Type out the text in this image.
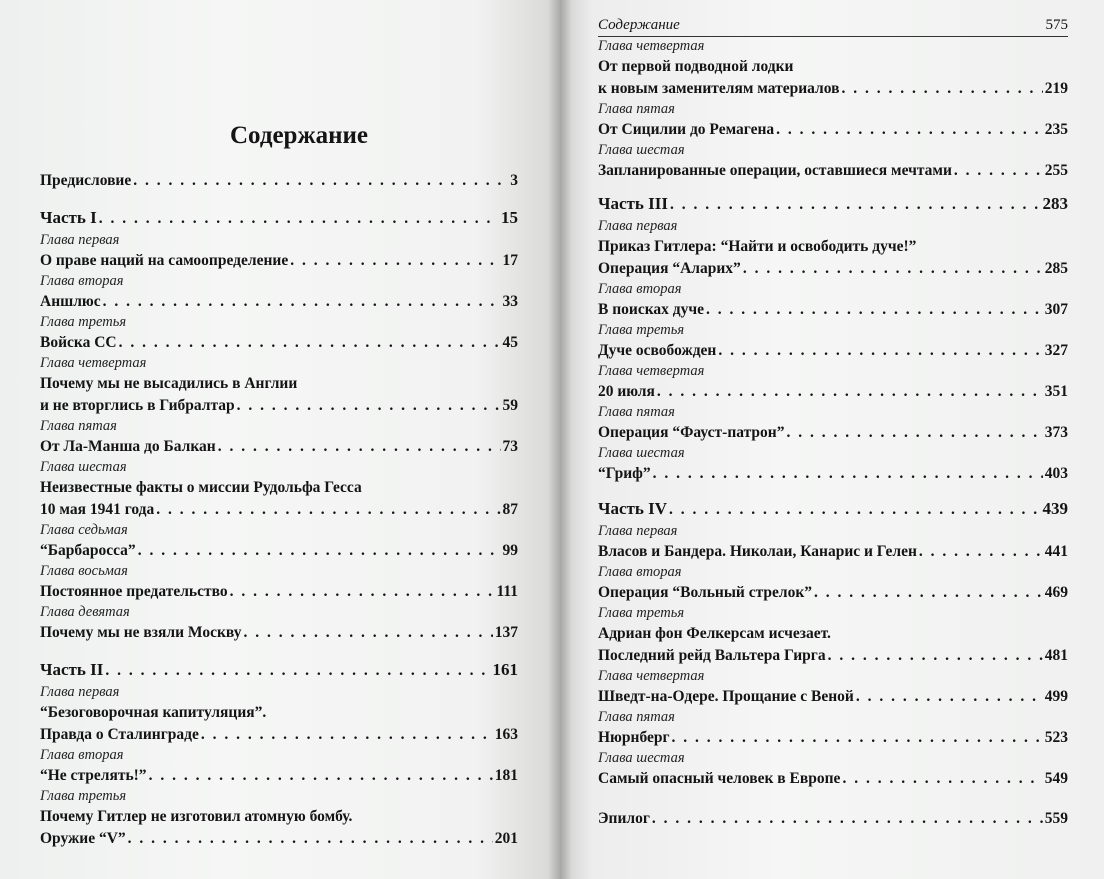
Содержание
Предисловие . . .	3
Часть I . . .	15
Глава первая
О праве наций на самоопределение . . .	17
Глава вторая
Аншлюс . . .	33
Глава третья
Войска СС . . .	45
Глава четвертая
Почему мы не высадились в Англии
и не вторглись в Гибралтар . . .	59
Глава пятая
От Ла-Манша до Балкан . . .	73
Глава шестая
Неизвестные факты о миссии Рудольфа Гесса
10 мая 1941 года . . .	87
Глава седьмая
“Барбаросса” . . .	99
Глава восьмая
Постоянное предательство . . .	111
Глава девятая
Почему мы не взяли Москву . . .	137
Часть II . . .	161
Глава первая
“Безоговорочная капитуляция”.
Правда о Сталинграде . . .	163
Глава вторая
“Не стрелять!” . . .	181
Глава третья
Почему Гитлер не изготовил атомную бомбу.
Оружие “V” . . .	201
Содержание	575
Глава четвертая
От первой подводной лодки
к новым заменителям материалов . . .	219
Глава пятая
От Сицилии до Ремагена . . .	235
Глава шестая
Запланированные операции, оставшиеся мечтами . . .	255
Часть III . . .	283
Глава первая
Приказ Гитлера: “Найти и освободить дуче!”
Операция “Аларих” . . .	285
Глава вторая
В поисках дуче . . .	307
Глава третья
Дуче освобожден . . .	327
Глава четвертая
20 июля . . .	351
Глава пятая
Операция “Фауст-патрон” . . .	373
Глава шестая
“Гриф” . . .	403
Часть IV . . .	439
Глава первая
Власов и Бандера. Николаи, Канарис и Гелен . . .	441
Глава вторая
Операция “Вольный стрелок” . . .	469
Глава третья
Адриан фон Фелкерсам исчезает.
Последний рейд Вальтера Гирга . . .	481
Глава четвертая
Шведт-на-Одере. Прощание с Веной . . .	499
Глава пятая
Нюрнберг . . .	523
Глава шестая
Самый опасный человек в Европе . . .	549
Эпилог . . .	559
